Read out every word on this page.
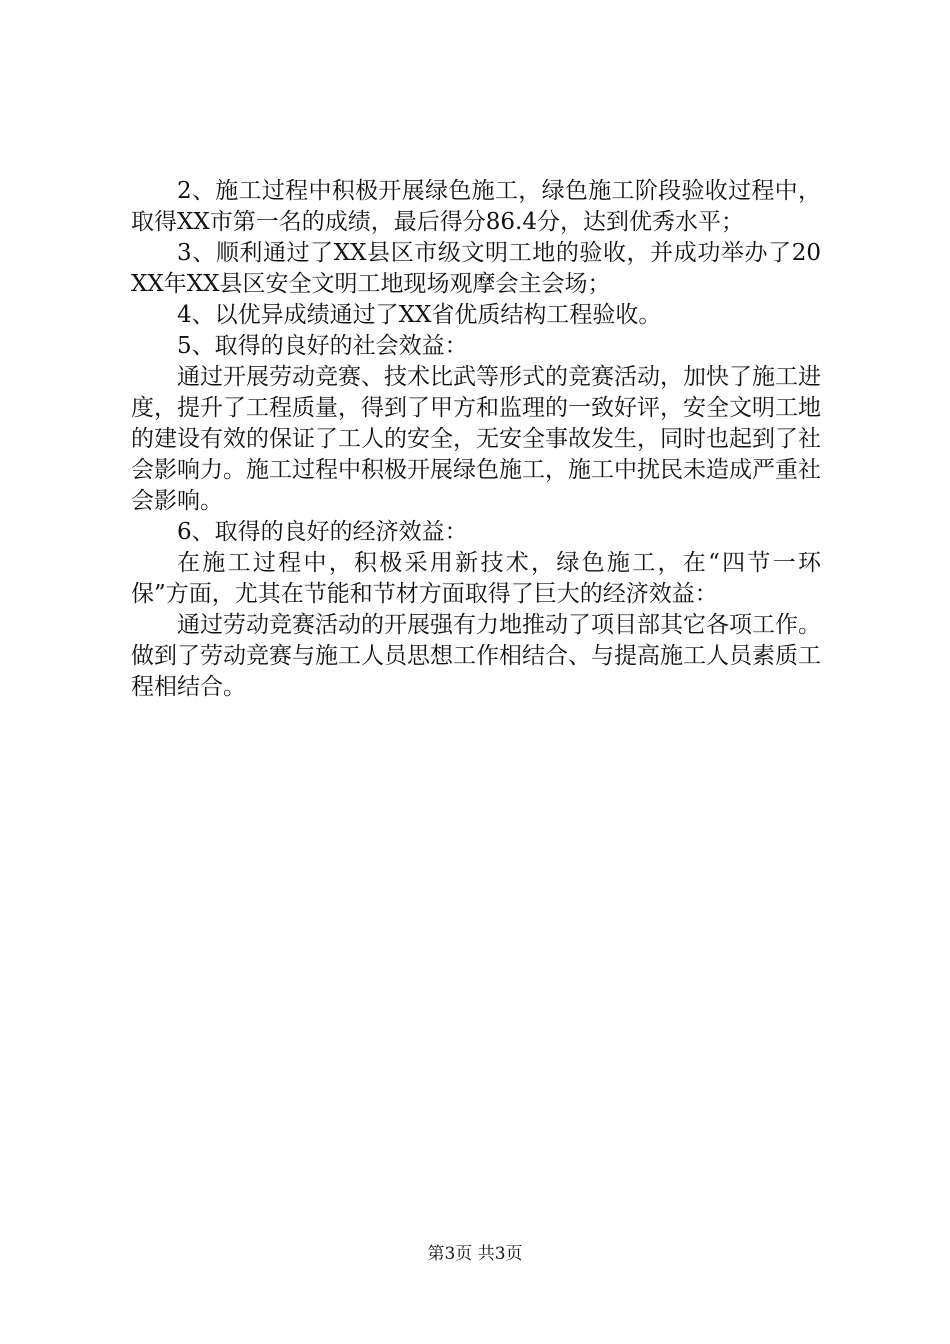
2、施工过程中积极开展绿色施工，绿色施工阶段验收过程中，取得XX市第一名的成绩，最后得分86.4分，达到优秀水平；

3、顺利通过了XX县区市级文明工地的验收，并成功举办了20XX年XX县区安全文明工地现场观摩会主会场；

4、以优异成绩通过了XX省优质结构工程验收。

5、取得的良好的社会效益：

通过开展劳动竞赛、技术比武等形式的竞赛活动，加快了施工进度，提升了工程质量，得到了甲方和监理的一致好评，安全文明工地的建设有效的保证了工人的安全，无安全事故发生，同时也起到了社会影响力。施工过程中积极开展绿色施工，施工中扰民未造成严重社会影响。

6、取得的良好的经济效益：

在施工过程中，积极采用新技术，绿色施工，在“四节一环保”方面，尤其在节能和节材方面取得了巨大的经济效益：

通过劳动竞赛活动的开展强有力地推动了项目部其它各项工作。做到了劳动竞赛与施工人员思想工作相结合、与提高施工人员素质工程相结合。

第3页 共3页
